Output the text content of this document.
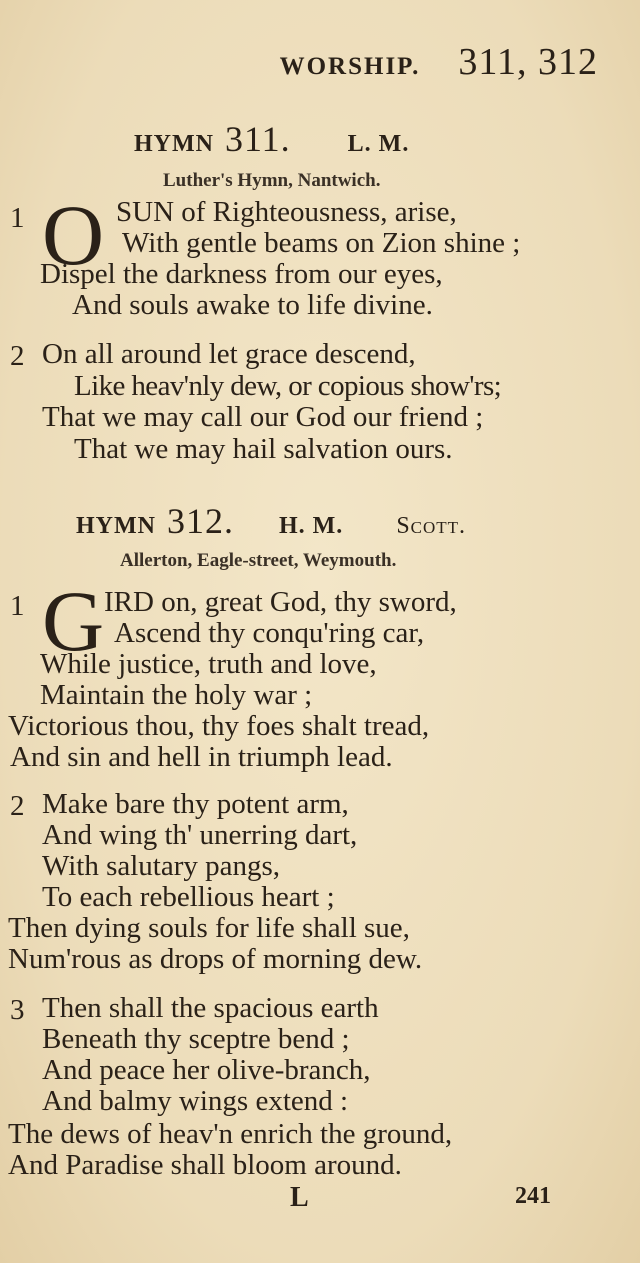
WORSHIP. 311, 312
HYMN 311. L. M.
Luther's Hymn, Nantwich.
1 O SUN of Righteousness, arise,
With gentle beams on Zion shine ;
Dispel the darkness from our eyes,
And souls awake to life divine.
2 On all around let grace descend,
Like heav'nly dew, or copious show'rs;
That we may call our God our friend ;
That we may hail salvation ours.
HYMN 312. H. M. Scott.
Allerton, Eagle-street, Weymouth.
1 G IRD on, great God, thy sword,
Ascend thy conqu'ring car,
While justice, truth and love,
Maintain the holy war ;
Victorious thou, thy foes shalt tread,
And sin and hell in triumph lead.
2 Make bare thy potent arm,
And wing th' unerring dart,
With salutary pangs,
To each rebellious heart ;
Then dying souls for life shall sue,
Num'rous as drops of morning dew.
3 Then shall the spacious earth
Beneath thy sceptre bend ;
And peace her olive-branch,
And balmy wings extend :
The dews of heav'n enrich the ground,
And Paradise shall bloom around.
L	241
